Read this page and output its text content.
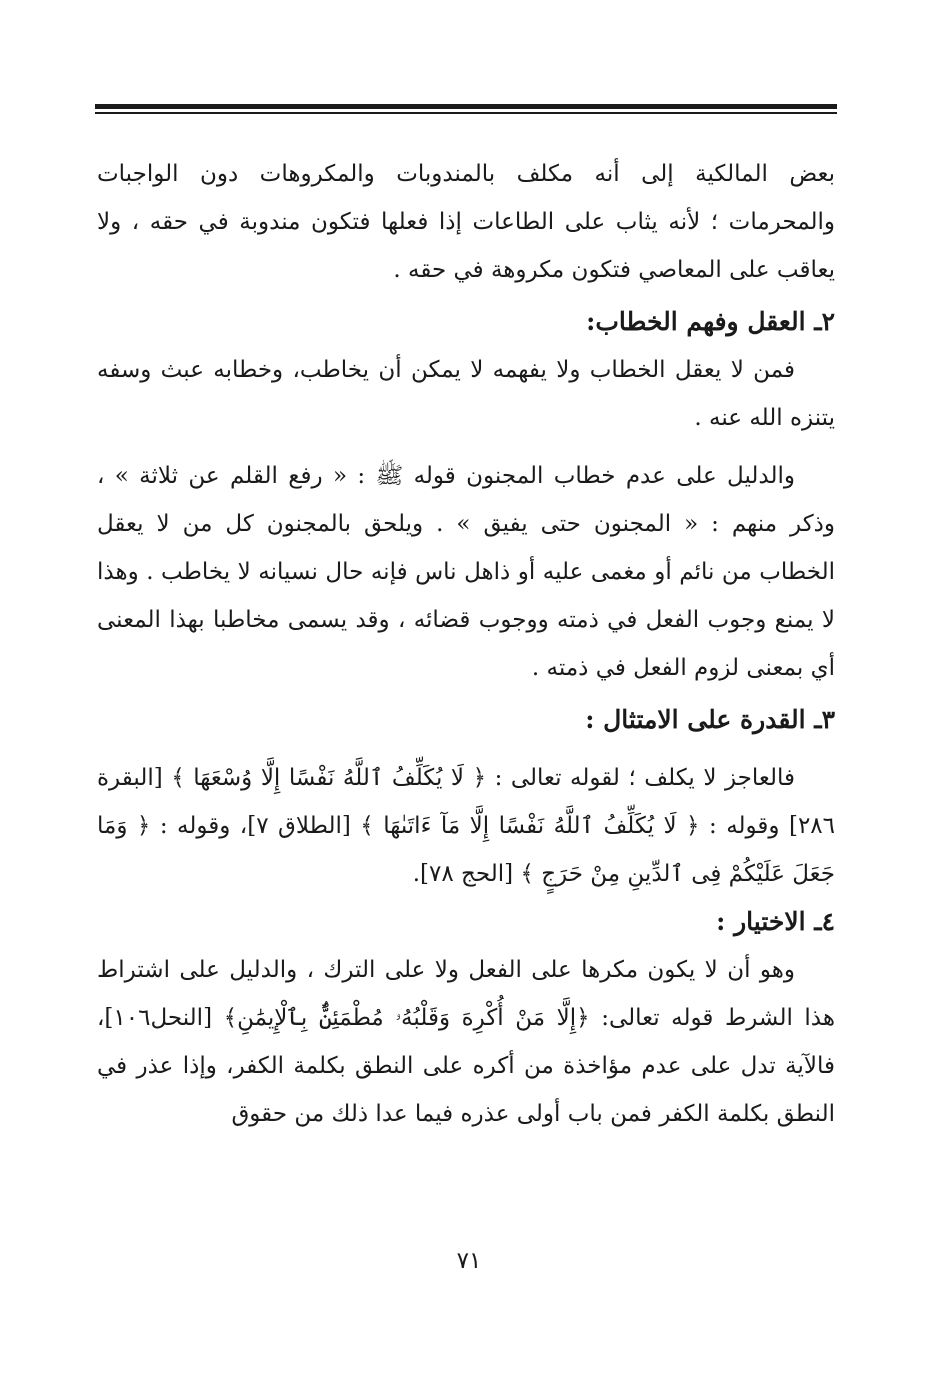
بعض المالكية إلى أنه مكلف بالمندوبات والمكروهات دون الواجبات والمحرمات ؛ لأنه يثاب على الطاعات إذا فعلها فتكون مندوبة في حقه ، ولا يعاقب على المعاصي فتكون مكروهة في حقه .

٢ـ العقل وفهم الخطاب:

فمن لا يعقل الخطاب ولا يفهمه لا يمكن أن يخاطب، وخطابه عبث وسفه يتنزه الله عنه .

والدليل على عدم خطاب المجنون قوله ﷺ : « رفع القلم عن ثلاثة » ، وذكر منهم : « المجنون حتى يفيق » . ويلحق بالمجنون كل من لا يعقل الخطاب من نائم أو مغمى عليه أو ذاهل ناس فإنه حال نسيانه لا يخاطب . وهذا لا يمنع وجوب الفعل في ذمته ووجوب قضائه ، وقد يسمى مخاطبا بهذا المعنى أي بمعنى لزوم الفعل في ذمته .

٣ـ القدرة على الامتثال :

فالعاجز لا يكلف ؛ لقوله تعالى : ﴿ لَا يُكَلِّفُ ٱللَّهُ نَفْسًا إِلَّا وُسْعَهَا ﴾ [البقرة ٢٨٦] وقوله : ﴿ لَا يُكَلِّفُ ٱللَّهُ نَفْسًا إِلَّا مَآ ءَاتَىٰهَا ﴾ [الطلاق ٧]، وقوله : ﴿ وَمَا جَعَلَ عَلَيْكُمْ فِى ٱلدِّينِ مِنْ حَرَجٍ ﴾ [الحج ٧٨].

٤ـ الاختيار :

وهو أن لا يكون مكرها على الفعل ولا على الترك ، والدليل على اشتراط هذا الشرط قوله تعالى: ﴿إِلَّا مَنْ أُكْرِهَ وَقَلْبُهُۥ مُطْمَئِنٌّۢ بِٱلْإِيمَٰنِ﴾ [النحل١٠٦]، فالآية تدل على عدم مؤاخذة من أكره على النطق بكلمة الكفر، وإذا عذر في النطق بكلمة الكفر فمن باب أولى عذره فيما عدا ذلك من حقوق

٧١
